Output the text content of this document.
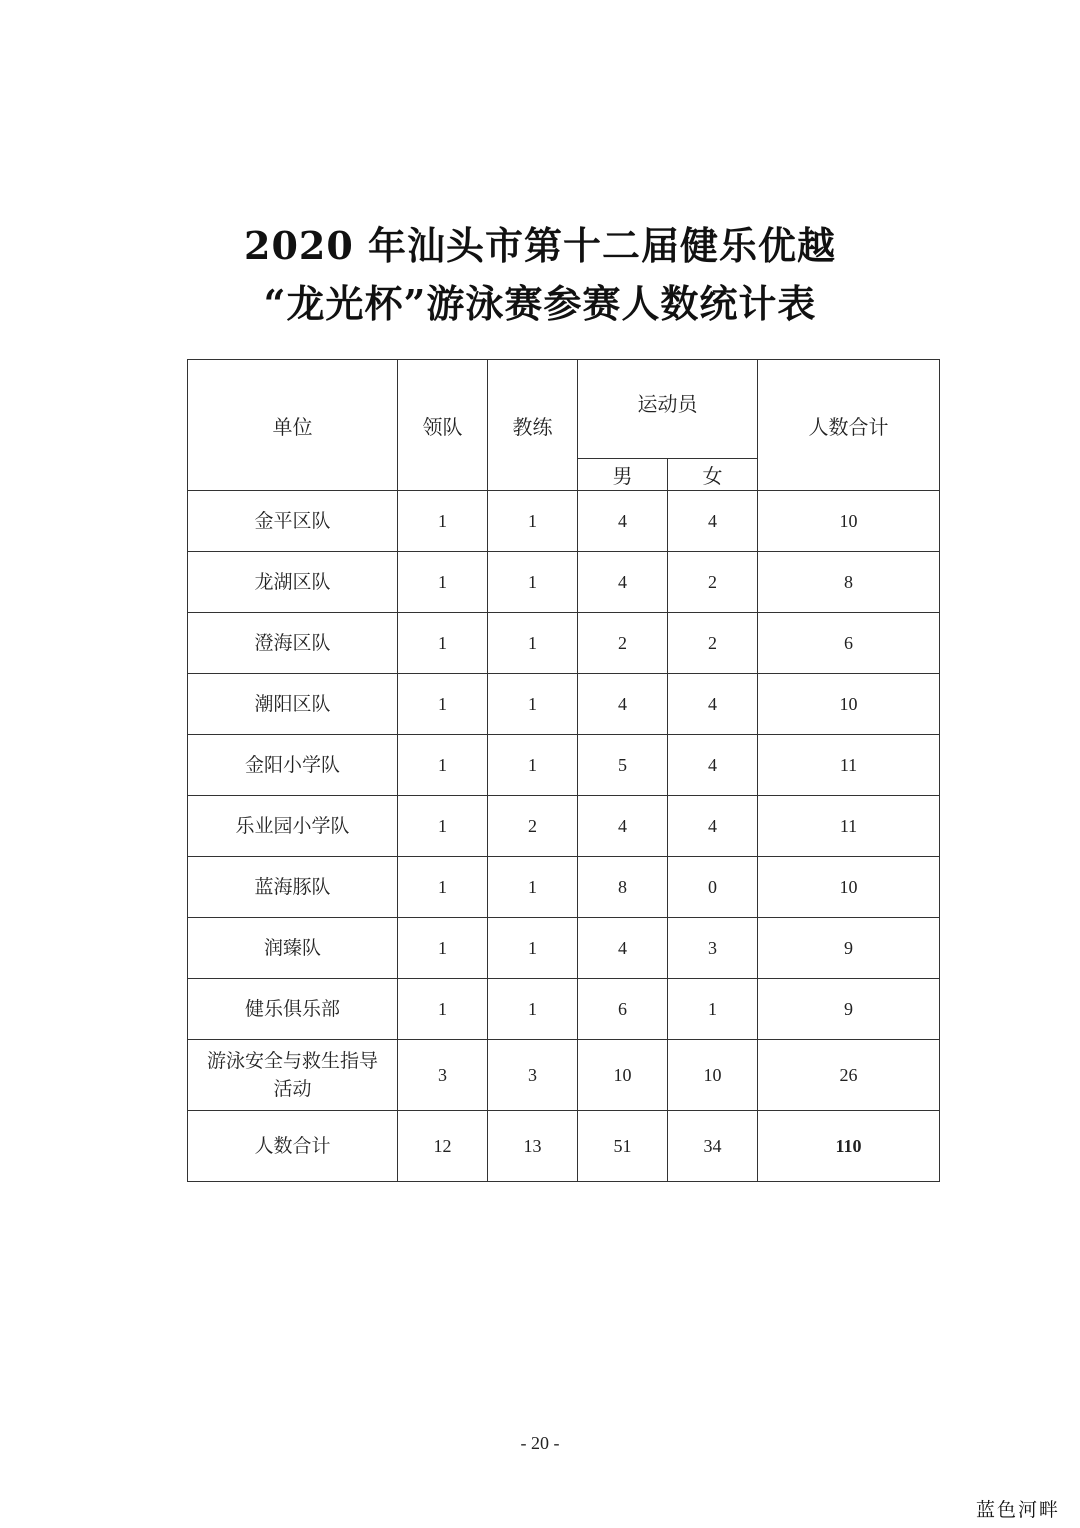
2020 年汕头市第十二届健乐优越
“龙光杯”游泳赛参赛人数统计表
单位	领队	教练	运动员		人数合计
			男	女	
金平区队	1	1	4	4	10
龙湖区队	1	1	4	2	8
澄海区队	1	1	2	2	6
潮阳区队	1	1	4	4	10
金阳小学队	1	1	5	4	11
乐业园小学队	1	2	4	4	11
蓝海豚队	1	1	8	0	10
润臻队	1	1	4	3	9
健乐俱乐部	1	1	6	1	9
游泳安全与救生指导活动	3	3	10	10	26
人数合计	12	13	51	34	110
- 20 -
蓝色河畔
